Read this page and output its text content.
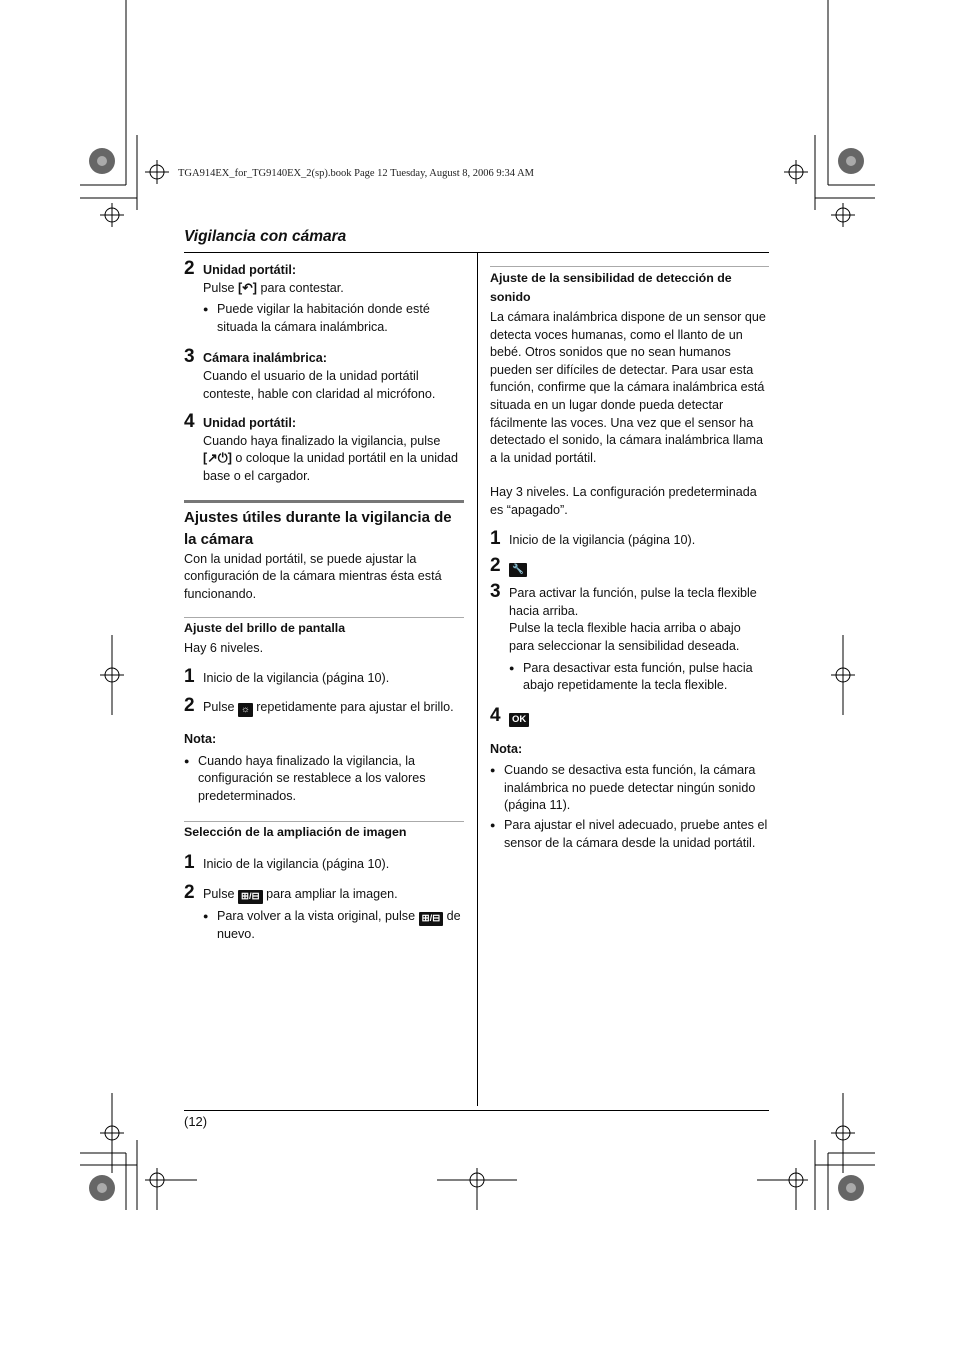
TGA914EX_for_TG9140EX_2(sp).book Page 12 Tuesday, August 8, 2006 9:34 AM
Vigilancia con cámara
(12)
2 Unidad portátil:
Pulse [↶] para contestar.
● Puede vigilar la habitación donde esté situada la cámara inalámbrica.
3 Cámara inalámbrica:
Cuando el usuario de la unidad portátil conteste, hable con claridad al micrófono.
4 Unidad portátil:
Cuando haya finalizado la vigilancia, pulse
[↗⏻] o coloque la unidad portátil en la unidad base o el cargador.
Ajustes útiles durante la vigilancia de la cámara
Con la unidad portátil, se puede ajustar la configuración de la cámara mientras ésta está funcionando.
Ajuste del brillo de pantalla
Hay 6 niveles.
1 Inicio de la vigilancia (página 10).
2 Pulse ☼ repetidamente para ajustar el brillo.
Nota:
● Cuando haya finalizado la vigilancia, la configuración se restablece a los valores predeterminados.
Selección de la ampliación de imagen
1 Inicio de la vigilancia (página 10).
2 Pulse ⊞/⊟ para ampliar la imagen.
● Para volver a la vista original, pulse ⊞/⊟ de nuevo.
Ajuste de la sensibilidad de detección de sonido
La cámara inalámbrica dispone de un sensor que detecta voces humanas, como el llanto de un bebé. Otros sonidos que no sean humanos pueden ser difíciles de detectar. Para usar esta función, confirme que la cámara inalámbrica está situada en un lugar donde pueda detectar fácilmente las voces. Una vez que el sensor ha detectado el sonido, la cámara inalámbrica llama a la unidad portátil.
Hay 3 niveles. La configuración predeterminada es “apagado”.
1 Inicio de la vigilancia (página 10).
2	🔧
3 Para activar la función, pulse la tecla flexible hacia arriba.
Pulse la tecla flexible hacia arriba o abajo para seleccionar la sensibilidad deseada.
● Para desactivar esta función, pulse hacia abajo repetidamente la tecla flexible.
4	OK
Nota:
● Cuando se desactiva esta función, la cámara inalámbrica no puede detectar ningún sonido (página 11).
● Para ajustar el nivel adecuado, pruebe antes el sensor de la cámara desde la unidad portátil.
